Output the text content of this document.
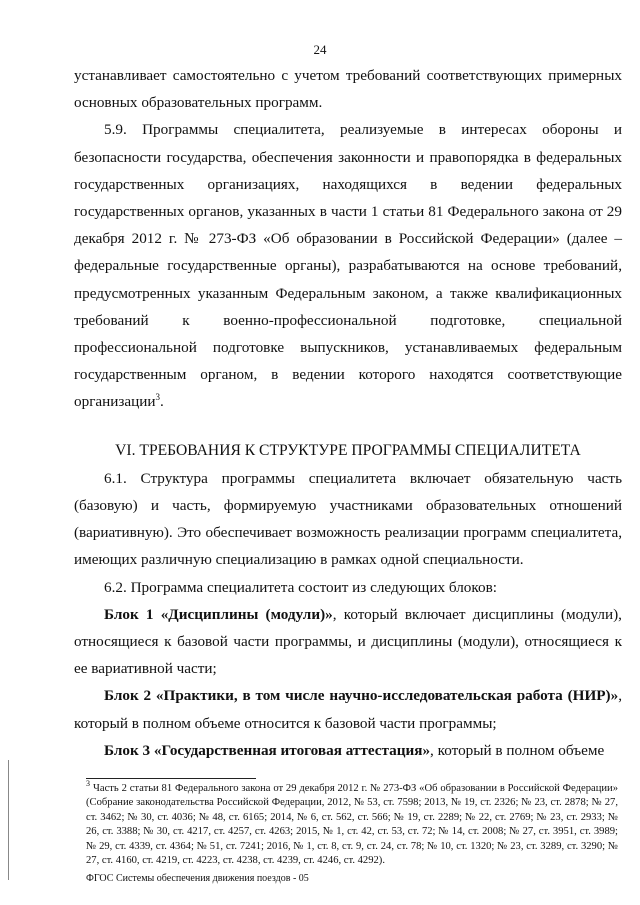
24

устанавливает самостоятельно с учетом требований соответствующих примерных основных образовательных программ.

5.9. Программы специалитета, реализуемые в интересах обороны и безопасности государства, обеспечения законности и правопорядка в федеральных государственных организациях, находящихся в ведении федеральных государственных органов, указанных в части 1 статьи 81 Федерального закона от 29 декабря 2012 г. № 273-ФЗ «Об образовании в Российской Федерации» (далее – федеральные государственные органы), разрабатываются на основе требований, предусмотренных указанным Федеральным законом, а также квалификационных требований к военно-профессиональной подготовке, специальной профессиональной подготовке выпускников, устанавливаемых федеральным государственным органом, в ведении которого находятся соответствующие организации$^3$.

VI. ТРЕБОВАНИЯ К СТРУКТУРЕ ПРОГРАММЫ СПЕЦИАЛИТЕТА

6.1. Структура программы специалитета включает обязательную часть (базовую) и часть, формируемую участниками образовательных отношений (вариативную). Это обеспечивает возможность реализации программ специалитета, имеющих различную специализацию в рамках одной специальности.

6.2. Программа специалитета состоит из следующих блоков:

Блок 1 «Дисциплины (модули)», который включает дисциплины (модули), относящиеся к базовой части программы, и дисциплины (модули), относящиеся к ее вариативной части;

Блок 2 «Практики, в том числе научно-исследовательская работа (НИР)», который в полном объеме относится к базовой части программы;

Блок 3 «Государственная итоговая аттестация», который в полном объеме

$^3$ Часть 2 статьи 81 Федерального закона от 29 декабря 2012 г. № 273-ФЗ «Об образовании в Российской Федерации» (Собрание законодательства Российской Федерации, 2012, № 53, ст. 7598; 2013, № 19, ст. 2326; № 23, ст. 2878; № 27, ст. 3462; № 30, ст. 4036; № 48, ст. 6165; 2014, № 6, ст. 562, ст. 566; № 19, ст. 2289; № 22, ст. 2769; № 23, ст. 2933; № 26, ст. 3388; № 30, ст. 4217, ст. 4257, ст. 4263; 2015, № 1, ст. 42, ст. 53, ст. 72; № 14, ст. 2008; № 27, ст. 3951, ст. 3989; № 29, ст. 4339, ст. 4364; № 51, ст. 7241; 2016, № 1, ст. 8, ст. 9, ст. 24, ст. 78; № 10, ст. 1320; № 23, ст. 3289, ст. 3290; № 27, ст. 4160, ст. 4219, ст. 4223, ст. 4238, ст. 4239, ст. 4246, ст. 4292).
ФГОС Системы обеспечения движения поездов - 05
